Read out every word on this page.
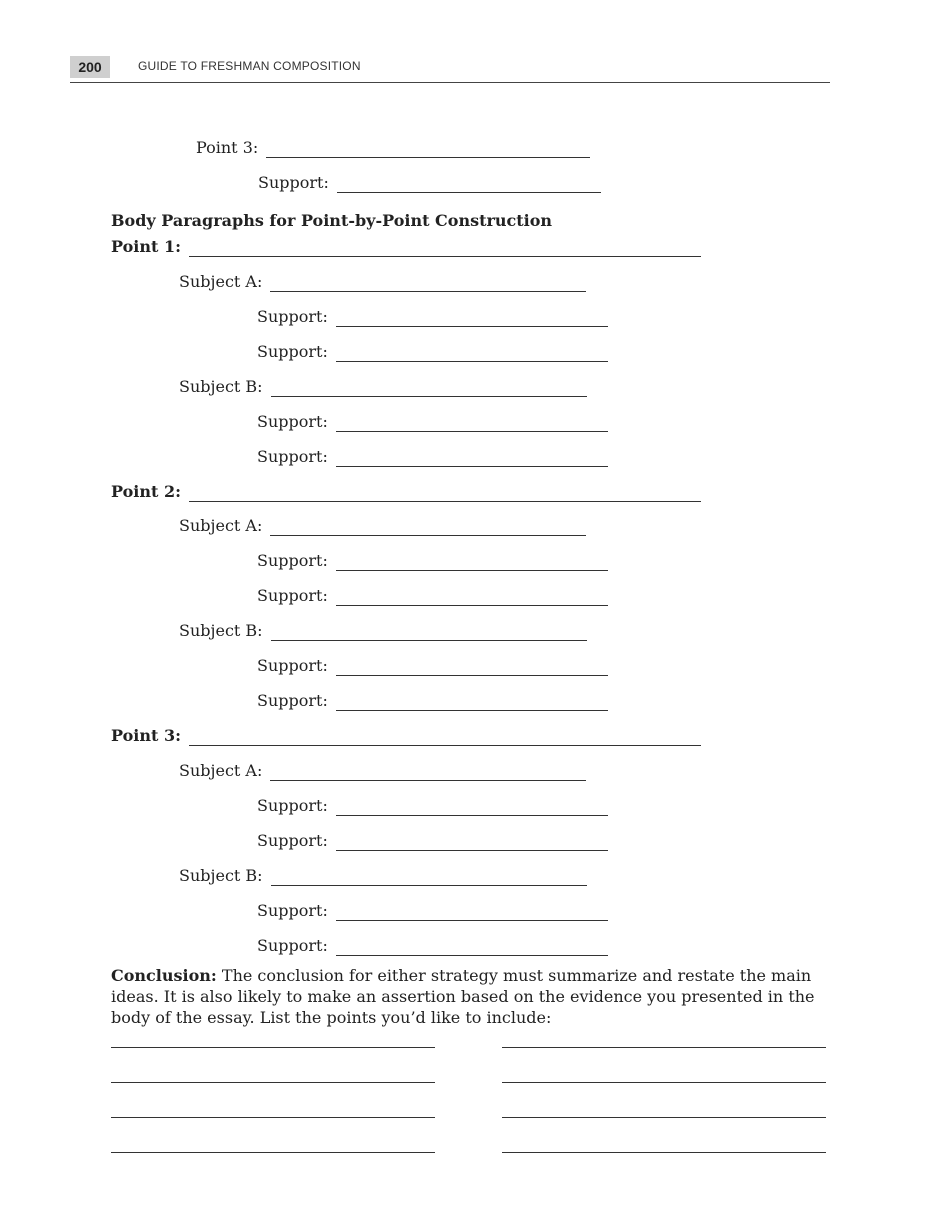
200	GUIDE TO FRESHMAN COMPOSITION
Point 3:
Support:
Body Paragraphs for Point-by-Point Construction
Point 1:
Subject A:
Support:
Support:
Subject B:
Support:
Support:
Point 2:
Subject A:
Support:
Support:
Subject B:
Support:
Support:
Point 3:
Subject A:
Support:
Support:
Subject B:
Support:
Support:
Conclusion: The conclusion for either strategy must summarize and restate the main ideas. It is also likely to make an assertion based on the evidence you presented in the body of the essay. List the points you’d like to include:
